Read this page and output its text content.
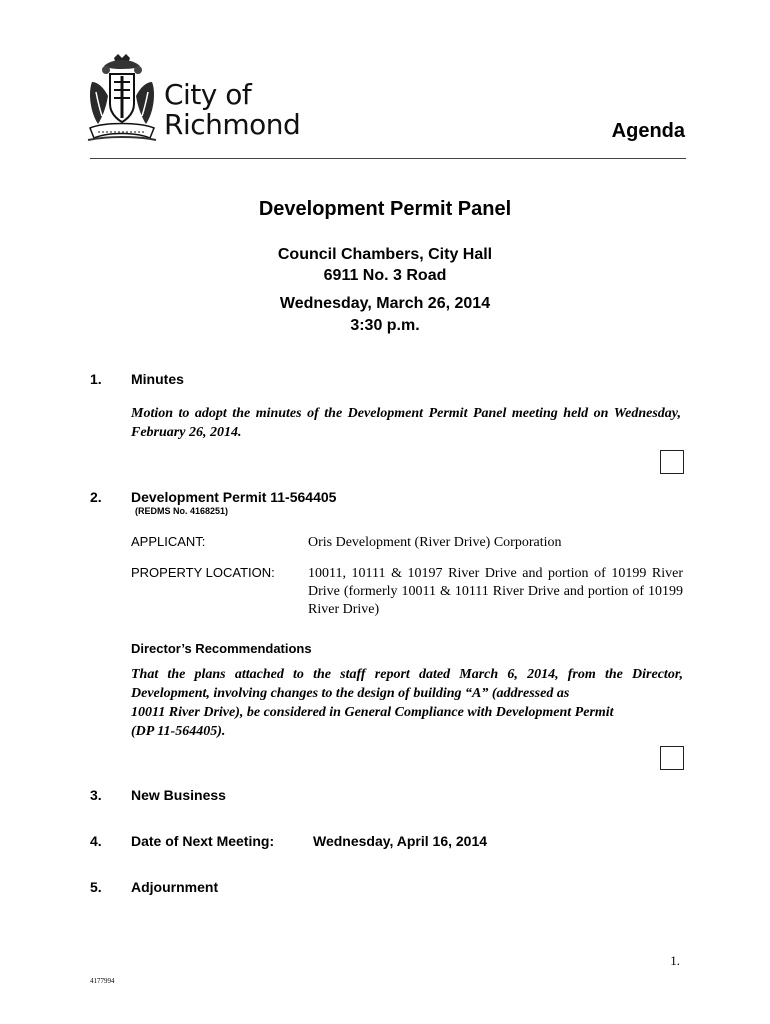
City of
Richmond	Agenda
Development Permit Panel
Council Chambers, City Hall
6911 No. 3 Road
Wednesday, March 26, 2014
3:30 p.m.
1. Minutes
Motion to adopt the minutes of the Development Permit Panel meeting held on Wednesday, February 26, 2014.
2. Development Permit 11-564405
(REDMS No. 4168251)
APPLICANT:	Oris Development (River Drive) Corporation
PROPERTY LOCATION: 10011, 10111 & 10197 River Drive and portion of 10199 River Drive (formerly 10011 & 10111 River Drive and portion of 10199 River Drive)
Director’s Recommendations
That the plans attached to the staff report dated March 6, 2014, from the Director,
Development, involving changes to the design of building “A” (addressed as
10011 River Drive), be considered in General Compliance with Development Permit
(DP 11-564405).
3. New Business
4. Date of Next Meeting:	Wednesday, April 16, 2014
5. Adjournment
1.
4177994
